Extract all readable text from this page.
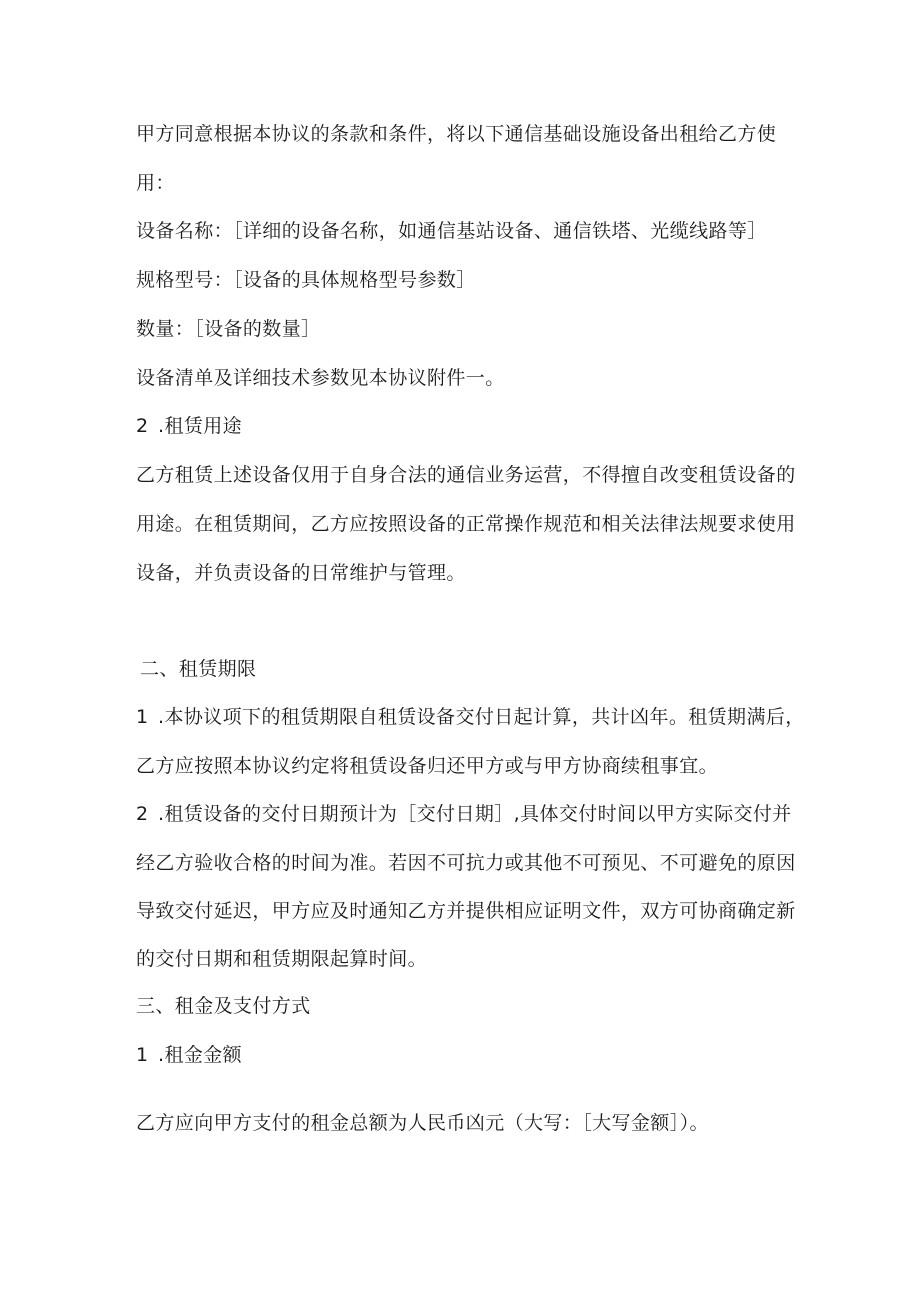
甲方同意根据本协议的条款和条件，将以下通信基础设施设备出租给乙方使
用：
设备名称：［详细的设备名称，如通信基站设备、通信铁塔、光缆线路等］
规格型号：［设备的具体规格型号参数］
数量：［设备的数量］
设备清单及详细技术参数见本协议附件一。
2 .租赁用途
乙方租赁上述设备仅用于自身合法的通信业务运营，不得擅自改变租赁设备的
用途。在租赁期间，乙方应按照设备的正常操作规范和相关法律法规要求使用
设备，并负责设备的日常维护与管理。
二、租赁期限
1 .本协议项下的租赁期限自租赁设备交付日起计算，共计凶年。租赁期满后，
乙方应按照本协议约定将租赁设备归还甲方或与甲方协商续租事宜。
2 .租赁设备的交付日期预计为［交付日期］,具体交付时间以甲方实际交付并
经乙方验收合格的时间为准。若因不可抗力或其他不可预见、不可避免的原因
导致交付延迟，甲方应及时通知乙方并提供相应证明文件，双方可协商确定新
的交付日期和租赁期限起算时间。
三、租金及支付方式
1 .租金金额
乙方应向甲方支付的租金总额为人民币凶元（大写：［大写金额］）。
